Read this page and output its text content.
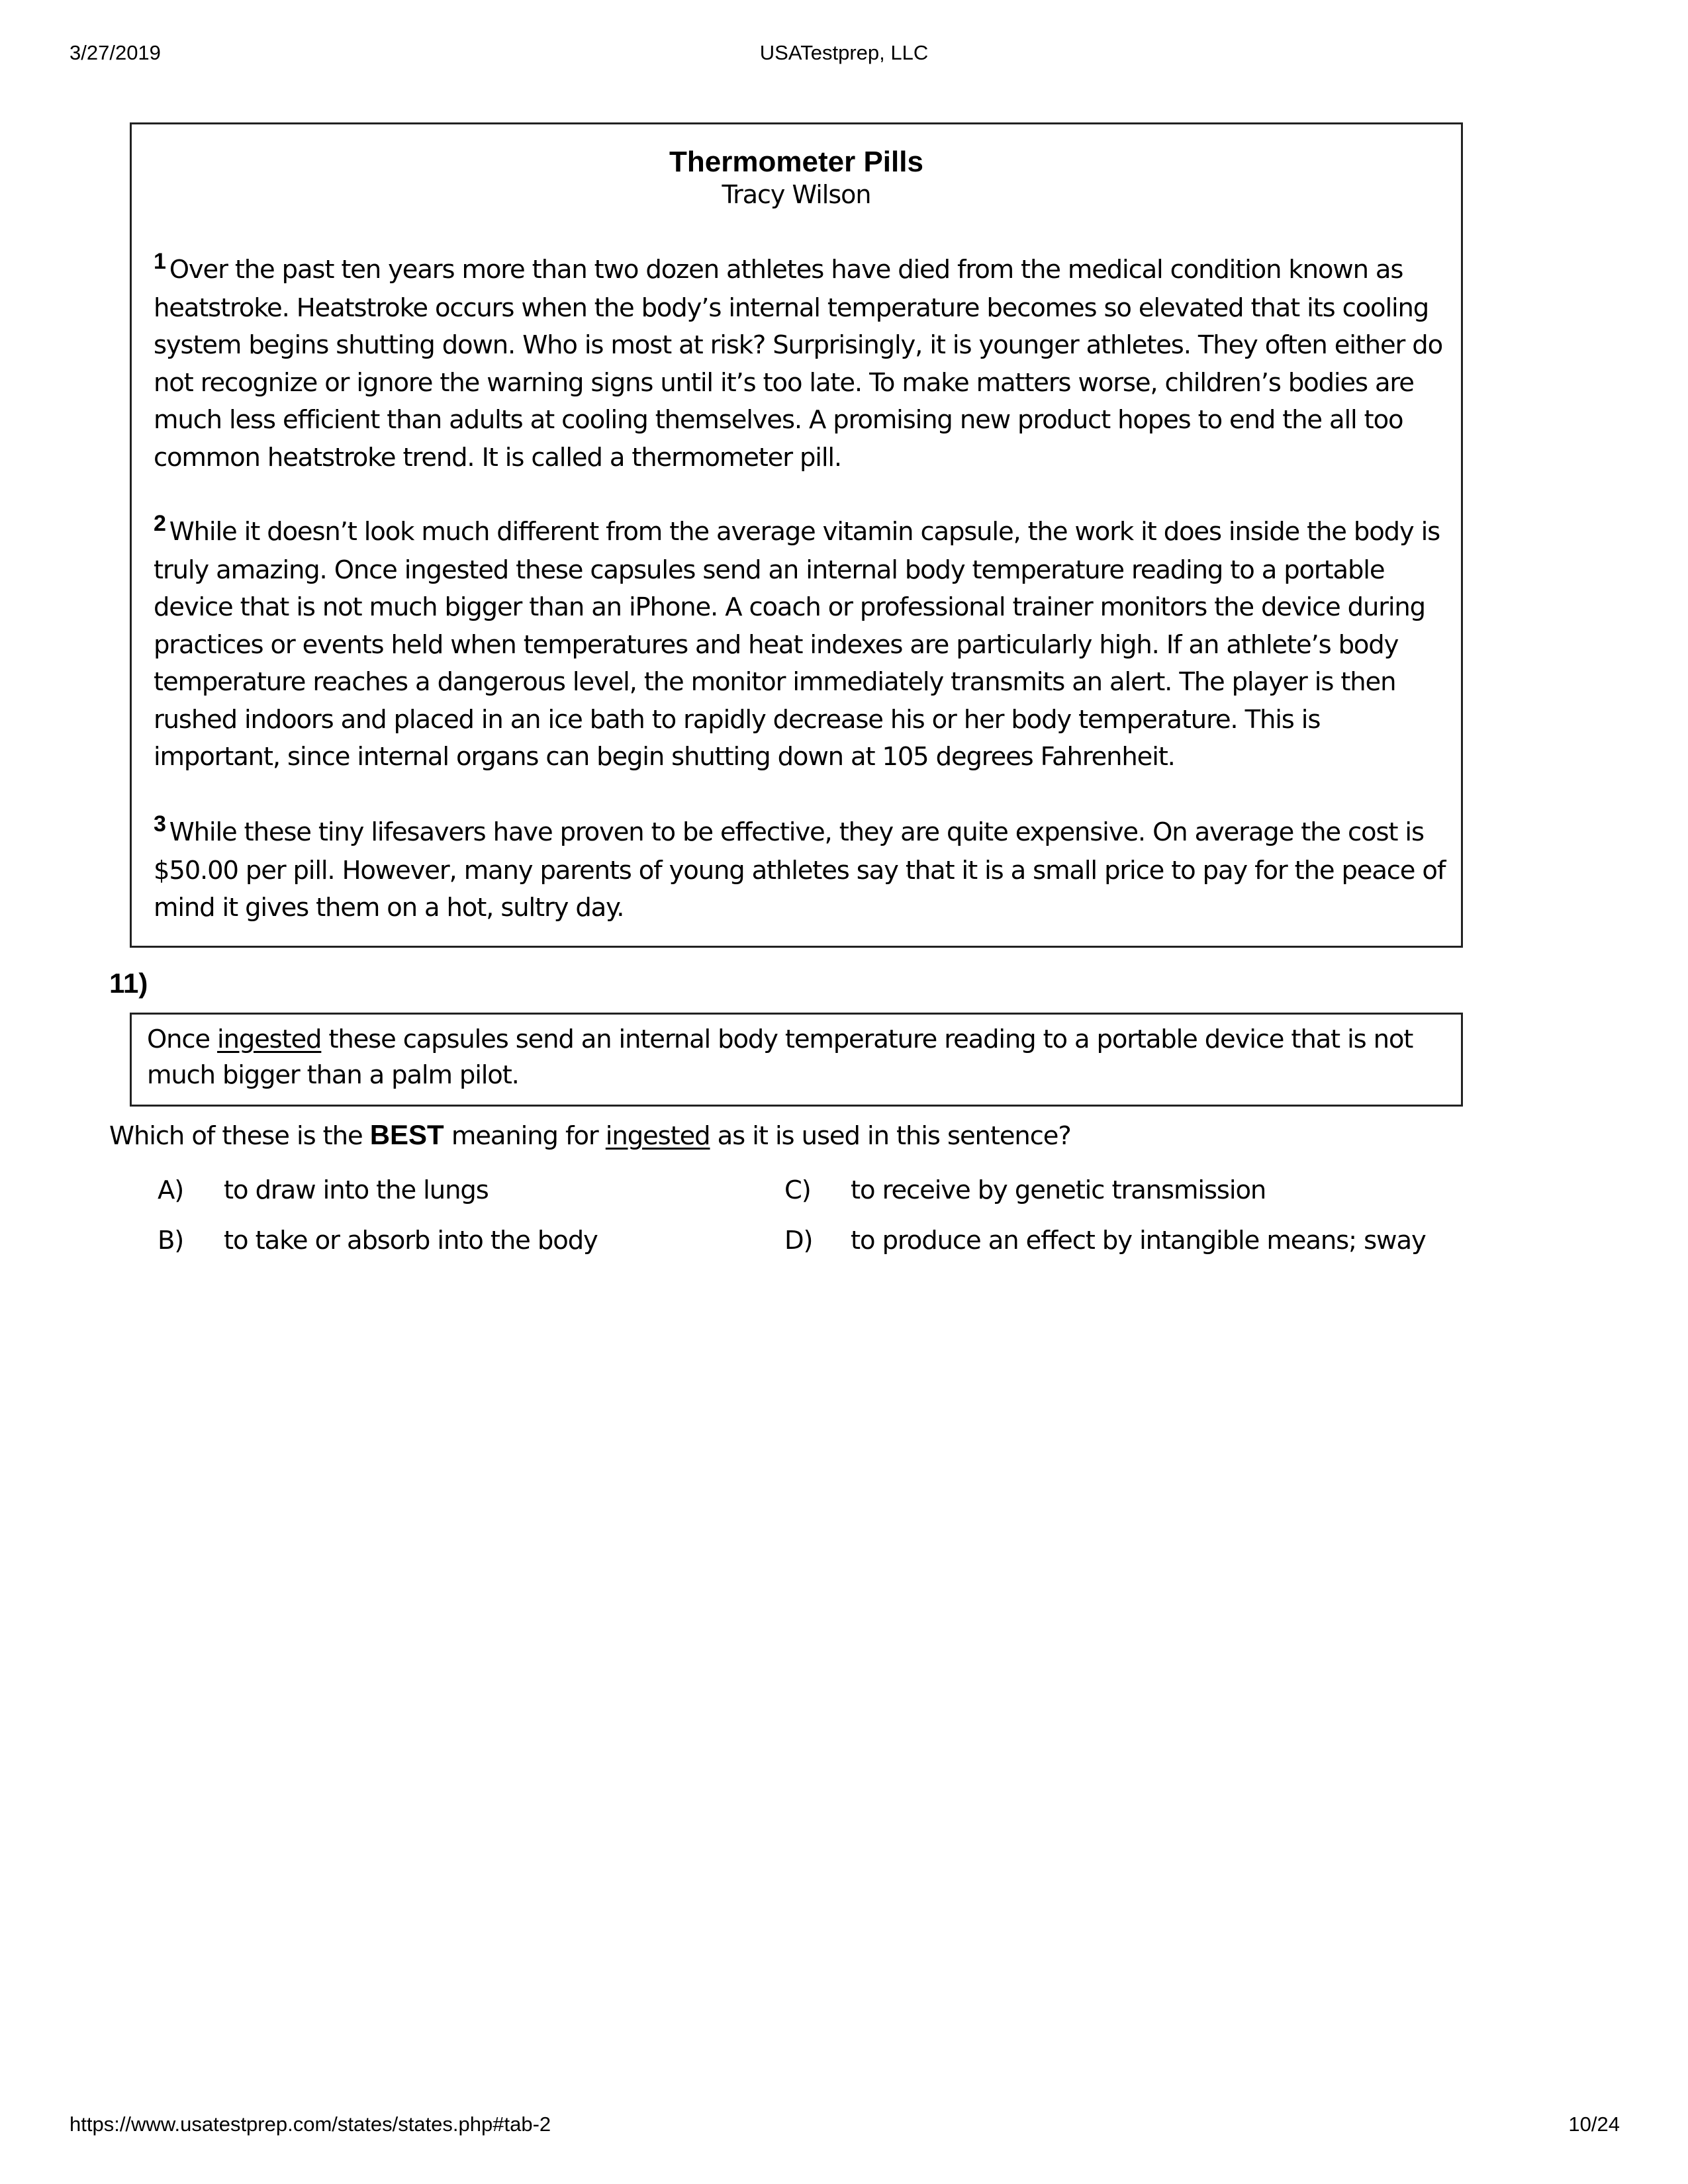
3/27/2019	USATestprep, LLC
Thermometer Pills
Tracy Wilson
1 Over the past ten years more than two dozen athletes have died from the medical condition known as heatstroke. Heatstroke occurs when the body’s internal temperature becomes so elevated that its cooling system begins shutting down. Who is most at risk? Surprisingly, it is younger athletes. They often either do not recognize or ignore the warning signs until it’s too late. To make matters worse, children’s bodies are much less efficient than adults at cooling themselves. A promising new product hopes to end the all too common heatstroke trend. It is called a thermometer pill.
2 While it doesn’t look much different from the average vitamin capsule, the work it does inside the body is truly amazing. Once ingested these capsules send an internal body temperature reading to a portable device that is not much bigger than an iPhone. A coach or professional trainer monitors the device during practices or events held when temperatures and heat indexes are particularly high. If an athlete’s body temperature reaches a dangerous level, the monitor immediately transmits an alert. The player is then rushed indoors and placed in an ice bath to rapidly decrease his or her body temperature. This is important, since internal organs can begin shutting down at 105 degrees Fahrenheit.
3 While these tiny lifesavers have proven to be effective, they are quite expensive. On average the cost is $50.00 per pill. However, many parents of young athletes say that it is a small price to pay for the peace of mind it gives them on a hot, sultry day.
11)
Once ingested these capsules send an internal body temperature reading to a portable device that is not much bigger than a palm pilot.
Which of these is the BEST meaning for ingested as it is used in this sentence?
A) to draw into the lungs
B) to take or absorb into the body
C) to receive by genetic transmission
D) to produce an effect by intangible means; sway
https://www.usatestprep.com/states/states.php#tab-2	10/24
